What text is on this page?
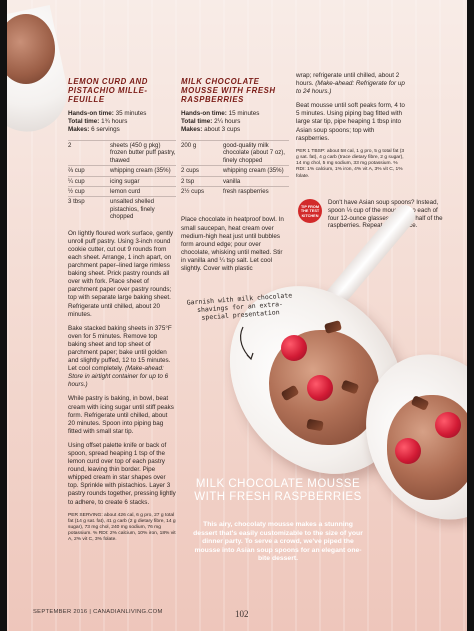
LEMON CURD AND PISTACHIO MILLE-FEUILLE
Hands-on time: 35 minutes
Total time: 1¾ hours
Makes: 6 servings
2	sheets (450 g pkg) frozen butter puff pastry, thawed
⅔ cup	whipping cream (35%)
¼ cup	icing sugar
½ cup	lemon curd
3 tbsp	unsalted shelled pistachios, finely chopped

On lightly floured work surface, gently unroll puff pastry. Using 3-inch round cookie cutter, cut out 9 rounds from each sheet. Arrange, 1 inch apart, on parchment paper–lined large rimless baking sheet. Prick pastry rounds all over with fork. Place sheet of parchment paper over pastry rounds; top with separate large baking sheet. Refrigerate until chilled, about 20 minutes.

Bake stacked baking sheets in 375°F oven for 5 minutes. Remove top baking sheet and top sheet of parchment paper; bake until golden and slightly puffed, 12 to 15 minutes. Let cool completely. (Make-ahead: Store in airtight container for up to 6 hours.)

While pastry is baking, in bowl, beat cream with icing sugar until stiff peaks form. Refrigerate until chilled, about 20 minutes. Spoon into piping bag fitted with small star tip.

Using offset palette knife or back of spoon, spread heaping 1 tsp of the lemon curd over top of each pastry round, leaving thin border. Pipe whipped cream in star shapes over top. Sprinkle with pistachios. Layer 3 pastry rounds together, pressing lightly to adhere, to create 6 stacks.

PER SERVING: about 426 cal, 6 g pro, 27 g total fat (14 g sat. fat), 41 g carb (2 g dietary fibre, 14 g sugar), 73 mg chol, 240 mg sodium, 76 mg potassium. % RDI: 2% calcium, 10% iron, 18% vit A, 2% vit C, 3% folate.

MILK CHOCOLATE MOUSSE WITH FRESH RASPBERRIES
Hands-on time: 15 minutes
Total time: 2¼ hours
Makes: about 3 cups
200 g	good-quality milk chocolate (about 7 oz), finely chopped
2 cups	whipping cream (35%)
2 tsp	vanilla
2½ cups	fresh raspberries

Place chocolate in heatproof bowl. In small saucepan, heat cream over medium-high heat just until bubbles form around edge; pour over chocolate, whisking until melted. Stir in vanilla and ¼ tsp salt. Let cool slightly. Cover with plastic

wrap; refrigerate until chilled, about 2 hours. (Make-ahead: Refrigerate for up to 24 hours.)

Beat mousse until soft peaks form, 4 to 5 minutes. Using piping bag fitted with large star tip, pipe heaping 1 tbsp into Asian soup spoons; top with raspberries.

PER 1 TBSP: about 58 cal, 1 g pro, 5 g total fat (3 g sat. fat), 4 g carb (trace dietary fibre, 2 g sugar), 14 mg chol, 5 mg sodium, 33 mg potassium. % RDI: 1% calcium, 1% iron, 4% vit A, 3% vit C, 1% folate.

TIP FROM THE TEST KITCHEN
Don't have Asian soup spoons? Instead, spoon ⅓ cup of the mousse into each of four 12-ounce glasses; top with half of the raspberries. Repeat layers once.
Garnish with milk chocolate shavings for an extra-special presentation
MILK CHOCOLATE MOUSSE WITH FRESH RASPBERRIES
This airy, chocolaty mousse makes a stunning dessert that's easily customizable to the size of your dinner party. To serve a crowd, we've piped the mousse into Asian soup spoons for an elegant one-bite dessert.
SEPTEMBER 2016 | CANADIANLIVING.COM	102
